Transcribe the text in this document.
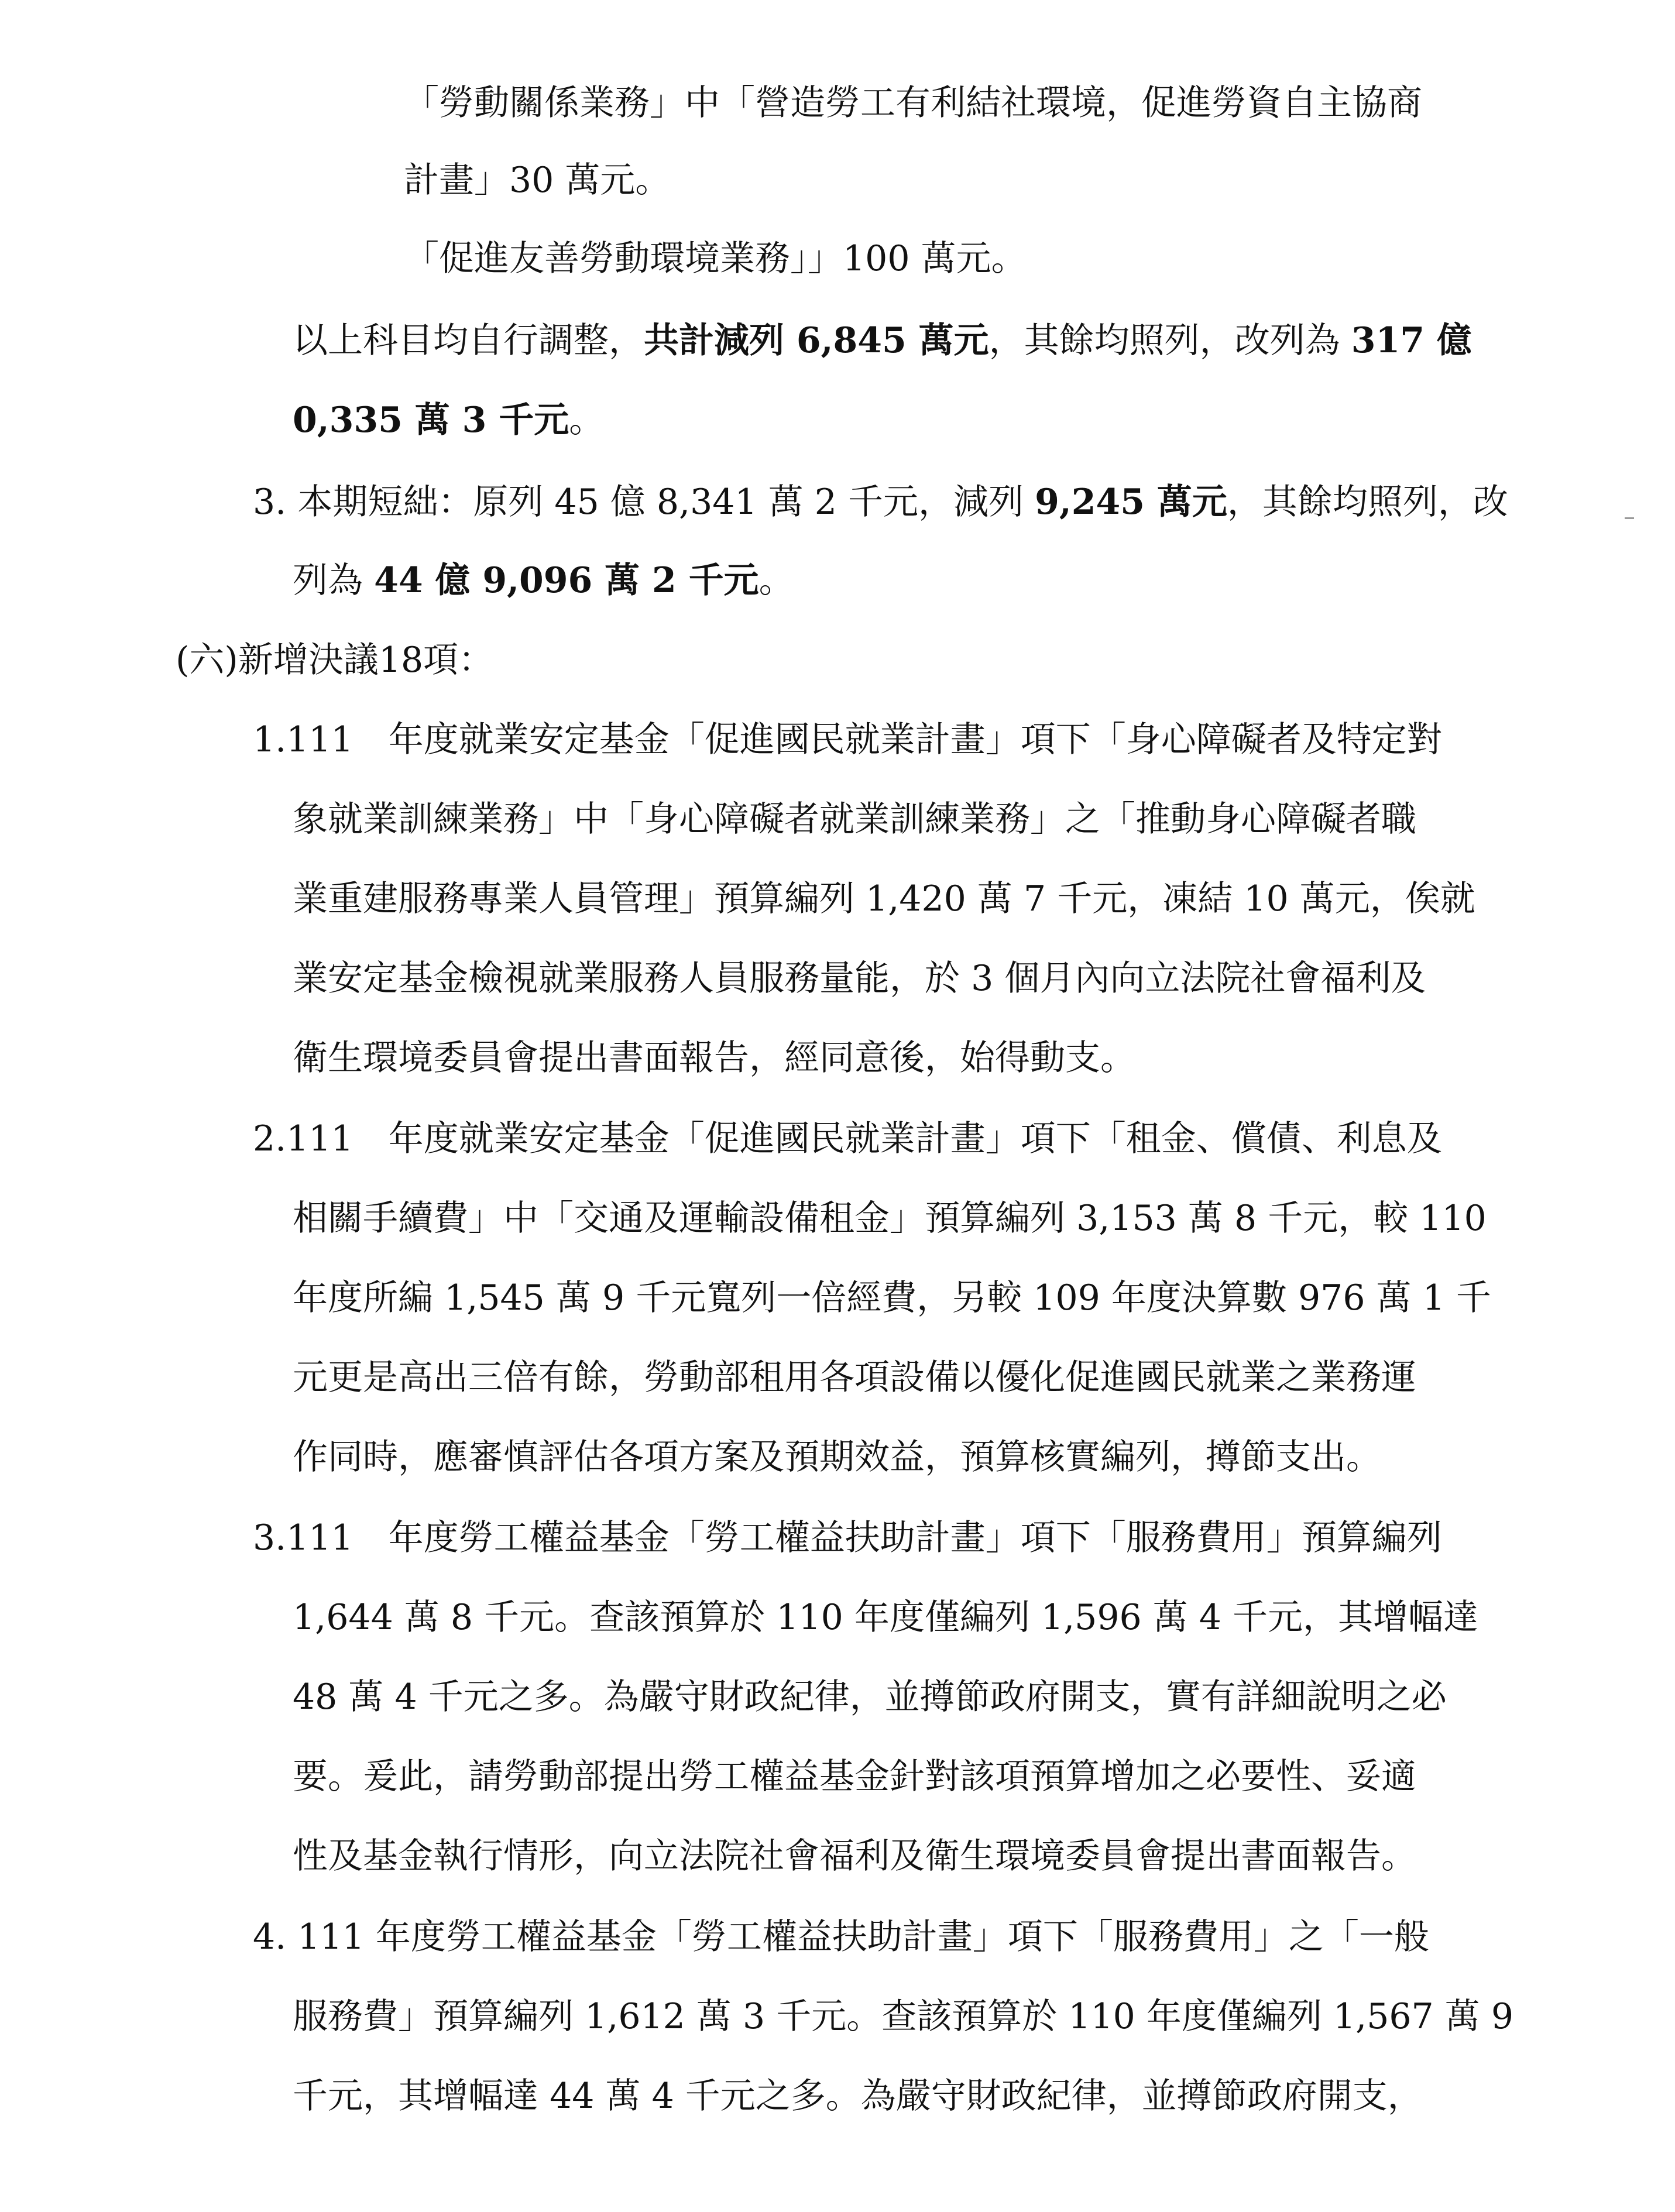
「勞動關係業務」中「營造勞工有利結社環境，促進勞資自主協商
計畫」30 萬元。
「促進友善勞動環境業務」」100 萬元。
以上科目均自行調整，共計減列 6,845 萬元，其餘均照列，改列為 317 億
0,335 萬 3 千元。
3. 本期短絀：原列 45 億 8,341 萬 2 千元，減列 9,245 萬元，其餘均照列，改
列為 44 億 9,096 萬 2 千元。
(六)新增決議18項：
1.111　年度就業安定基金「促進國民就業計畫」項下「身心障礙者及特定對
象就業訓練業務」中「身心障礙者就業訓練業務」之「推動身心障礙者職
業重建服務專業人員管理」預算編列 1,420 萬 7 千元，凍結 10 萬元，俟就
業安定基金檢視就業服務人員服務量能，於 3 個月內向立法院社會福利及
衛生環境委員會提出書面報告，經同意後，始得動支。
2.111　年度就業安定基金「促進國民就業計畫」項下「租金、償債、利息及
相關手續費」中「交通及運輸設備租金」預算編列 3,153 萬 8 千元，較 110
年度所編 1,545 萬 9 千元寬列一倍經費，另較 109 年度決算數 976 萬 1 千
元更是高出三倍有餘，勞動部租用各項設備以優化促進國民就業之業務運
作同時，應審慎評估各項方案及預期效益，預算核實編列，撙節支出。
3.111　年度勞工權益基金「勞工權益扶助計畫」項下「服務費用」預算編列
1,644 萬 8 千元。查該預算於 110 年度僅編列 1,596 萬 4 千元，其增幅達
48 萬 4 千元之多。為嚴守財政紀律，並撙節政府開支，實有詳細說明之必
要。爰此，請勞動部提出勞工權益基金針對該項預算增加之必要性、妥適
性及基金執行情形，向立法院社會福利及衛生環境委員會提出書面報告。
4. 111 年度勞工權益基金「勞工權益扶助計畫」項下「服務費用」之「一般
服務費」預算編列 1,612 萬 3 千元。查該預算於 110 年度僅編列 1,567 萬 9
千元，其增幅達 44 萬 4 千元之多。為嚴守財政紀律，並撙節政府開支，
